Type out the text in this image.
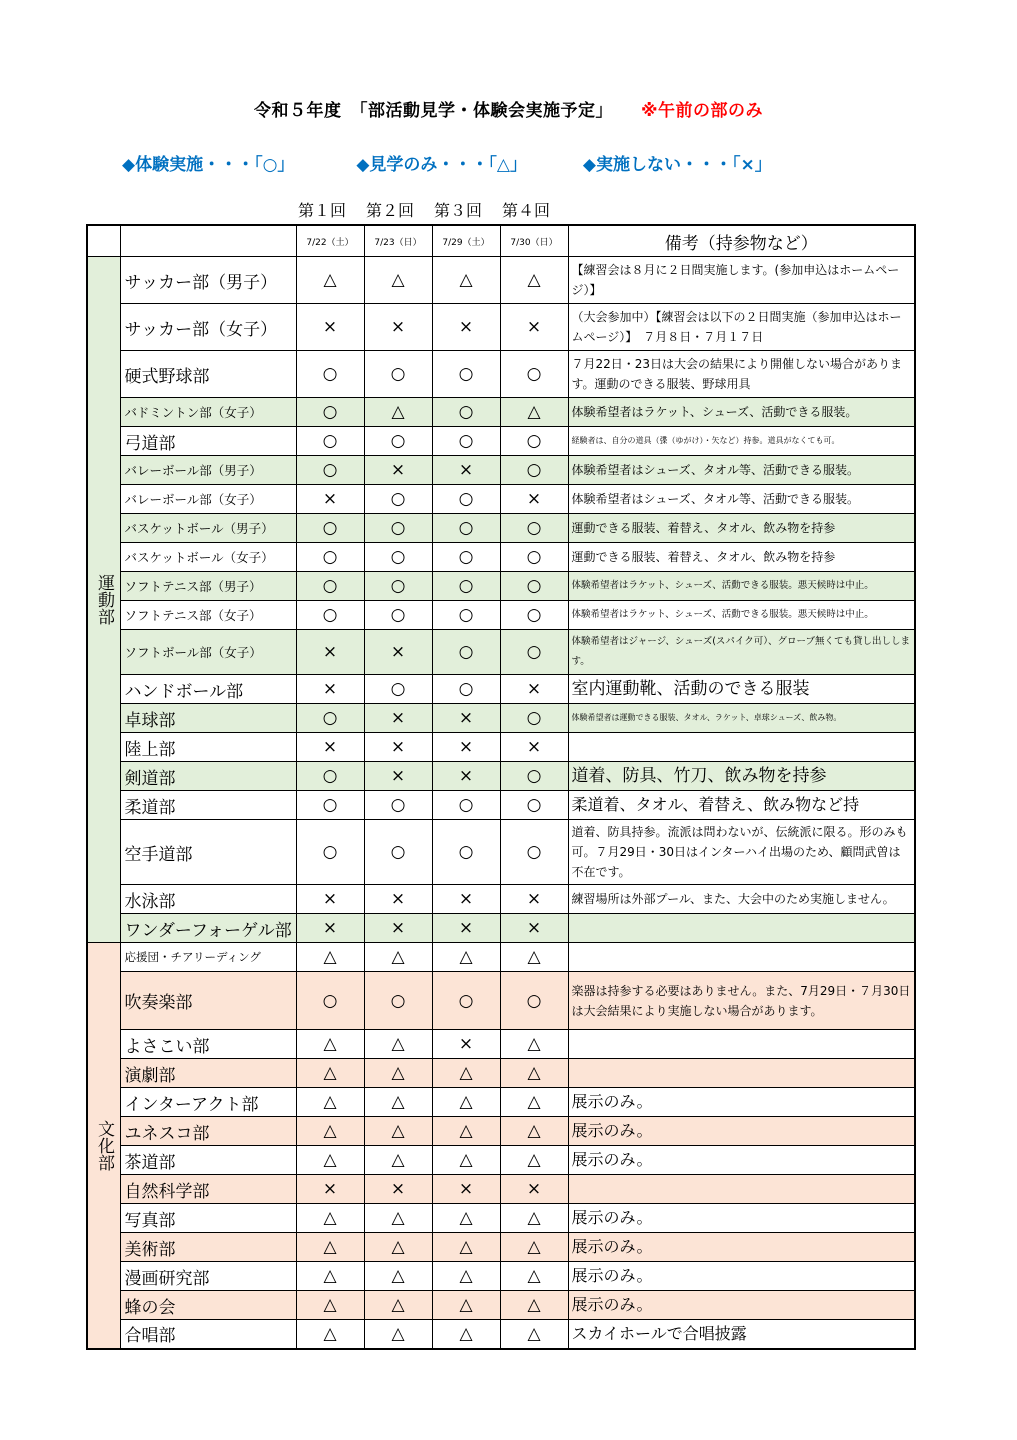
令和５年度　「部活動見学・体験会実施予定」 ※午前の部のみ
◆体験実施・・・「○」	◆見学のみ・・・「△」	◆実施しない・・・「×」
第１回 第２回 第３回 第４回
		7/22（土）	7/23（日）	7/29（土）	7/30（日）	備考（持参物など）

運動部	サッカー部（男子）	△	△	△	△	【練習会は８月に２日間実施します。(参加申込はホームページ）】
	サッカー部（女子）	×	×	×	×	（大会参加中）【練習会は以下の２日間実施（参加申込はホームページ）】　７月８日・７月１７日
	硬式野球部	○	○	○	○	７月22日・23日は大会の結果により開催しない場合があります。運動のできる服装、野球用具
	バドミントン部（女子）	○	△	○	△	体験希望者はラケット、シューズ、活動できる服装。
	弓道部	○	○	○	○	経験者は、自分の道具（弽（ゆがけ）・矢など）持参。道具がなくても可。
	バレーボール部（男子）	○	×	×	○	体験希望者はシューズ、タオル等、活動できる服装。
	バレーボール部（女子）	×	○	○	×	体験希望者はシューズ、タオル等、活動できる服装。
	バスケットボール（男子）	○	○	○	○	運動できる服装、着替え、タオル、飲み物を持参
	バスケットボール（女子）	○	○	○	○	運動できる服装、着替え、タオル、飲み物を持参
	ソフトテニス部（男子）	○	○	○	○	体験希望者はラケット、シューズ、活動できる服装。悪天候時は中止。
	ソフトテニス部（女子）	○	○	○	○	体験希望者はラケット、シューズ、活動できる服装。悪天候時は中止。
	ソフトボール部（女子）	×	×	○	○	体験希望者はジャージ、シューズ(スパイク可）、グローブ無くても貸し出しします。
	ハンドボール部	×	○	○	×	室内運動靴、活動のできる服装
	卓球部	○	×	×	○	体験希望者は運動できる服装、タオル、ラケット、卓球シューズ、飲み物。
	陸上部	×	×	×	×	
	剣道部	○	×	×	○	道着、防具、竹刀、飲み物を持参
	柔道部	○	○	○	○	柔道着、タオル、着替え、飲み物など持
	空手道部	○	○	○	○	道着、防具持参。流派は問わないが、伝統派に限る。形のみも可。７月29日・30日はインターハイ出場のため、顧問武曽は不在です。
	水泳部	×	×	×	×	練習場所は外部プール、また、大会中のため実施しません。
	ワンダーフォーゲル部	×	×	×	×	

文化部	応援団・チアリーディング	△	△	△	△	
	吹奏楽部	○	○	○	○	楽器は持参する必要はありません。また、7月29日・７月30日は大会結果により実施しない場合があります。
	よさこい部	△	△	×	△	
	演劇部	△	△	△	△	
	インターアクト部	△	△	△	△	展示のみ。
	ユネスコ部	△	△	△	△	展示のみ。
	茶道部	△	△	△	△	展示のみ。
	自然科学部	×	×	×	×	
	写真部	△	△	△	△	展示のみ。
	美術部	△	△	△	△	展示のみ。
	漫画研究部	△	△	△	△	展示のみ。
	蜂の会	△	△	△	△	展示のみ。
	合唱部	△	△	△	△	スカイホールで合唱披露
